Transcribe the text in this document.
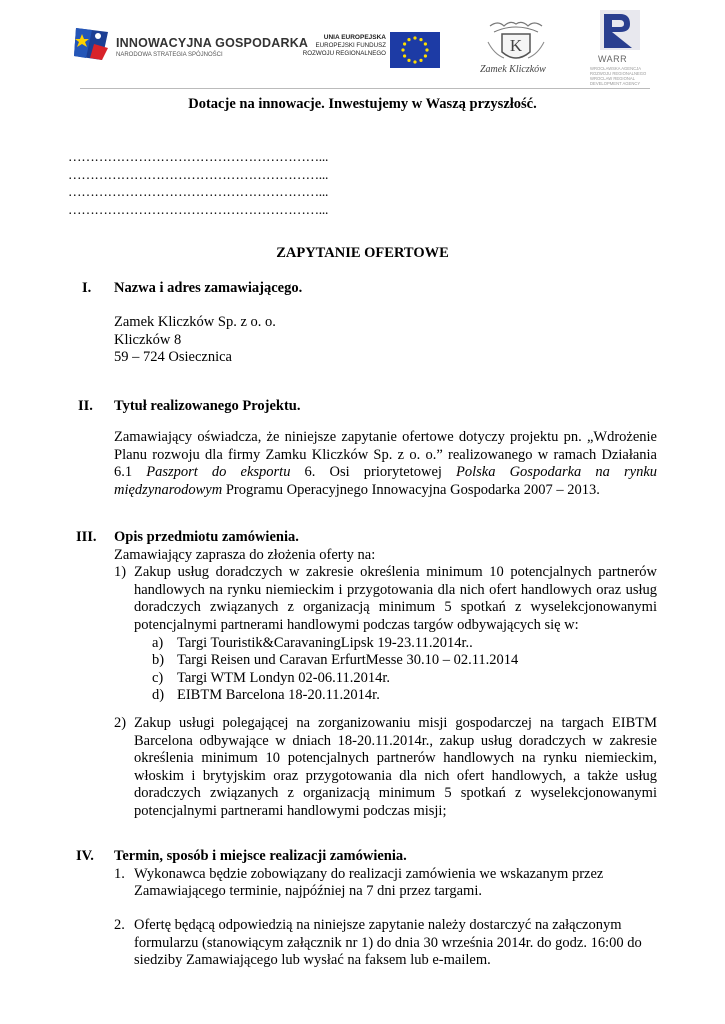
INNOWACYJNA GOSPODARKA
NARODOWA STRATEGIA SPÓJNOŚCI
UNIA EUROPEJSKA
EUROPEJSKI FUNDUSZ
ROZWOJU REGIONALNEGO	K
Zamek Kliczków
WARR
WROCŁAWSKA AGENCJA
ROZWOJU REGIONALNEGO
WROCLAW REGIONAL
DEVELOPMENT AGENCY
Dotacje na innowacje. Inwestujemy w Waszą przyszłość.
…………………………………………………...
…………………………………………………...
…………………………………………………...
…………………………………………………...
ZAPYTANIE OFERTOWE
I.	Nazwa i adres zamawiającego.
Zamek Kliczków Sp. z o. o.
Kliczków 8
59 – 724 Osiecznica
II.	Tytuł realizowanego Projektu.
Zamawiający oświadcza, że niniejsze zapytanie ofertowe dotyczy projektu pn. „Wdrożenie Planu rozwoju dla firmy Zamku Kliczków Sp. z o. o.” realizowanego w ramach Działania 6.1 Paszport do eksportu 6. Osi priorytetowej Polska Gospodarka na rynku międzynarodowym Programu Operacyjnego Innowacyjna Gospodarka 2007 – 2013.
III.	Opis przedmiotu zamówienia.
Zamawiający zaprasza do złożenia oferty na:
1) Zakup usług doradczych w zakresie określenia minimum 10 potencjalnych partnerów handlowych na rynku niemieckim i przygotowania dla nich ofert handlowych oraz usług doradczych związanych z organizacją minimum 5 spotkań z wyselekcjonowanymi potencjalnymi partnerami handlowymi podczas targów odbywających się w:
a) Targi Touristik&CaravaningLipsk 19-23.11.2014r..
b) Targi Reisen und Caravan ErfurtMesse 30.10 – 02.11.2014
c) Targi WTM Londyn 02-06.11.2014r.
d) EIBTM Barcelona 18-20.11.2014r.
2) Zakup usługi polegającej na zorganizowaniu misji gospodarczej na targach EIBTM Barcelona odbywające w dniach 18-20.11.2014r., zakup usług doradczych w zakresie określenia minimum 10 potencjalnych partnerów handlowych na rynku niemieckim, włoskim i brytyjskim oraz przygotowania dla nich ofert handlowych, a także usług doradczych związanych z organizacją minimum 5 spotkań z wyselekcjonowanymi potencjalnymi partnerami handlowymi podczas misji;
IV.	Termin, sposób i miejsce realizacji zamówienia.
1. Wykonawca będzie zobowiązany do realizacji zamówienia we wskazanym przez Zamawiającego terminie, najpóźniej na 7 dni przez targami.
2. Ofertę będącą odpowiedzią na niniejsze zapytanie należy dostarczyć na załączonym formularzu (stanowiącym załącznik nr 1) do dnia 30 września 2014r. do godz. 16:00 do siedziby Zamawiającego lub wysłać na faksem lub e-mailem.
